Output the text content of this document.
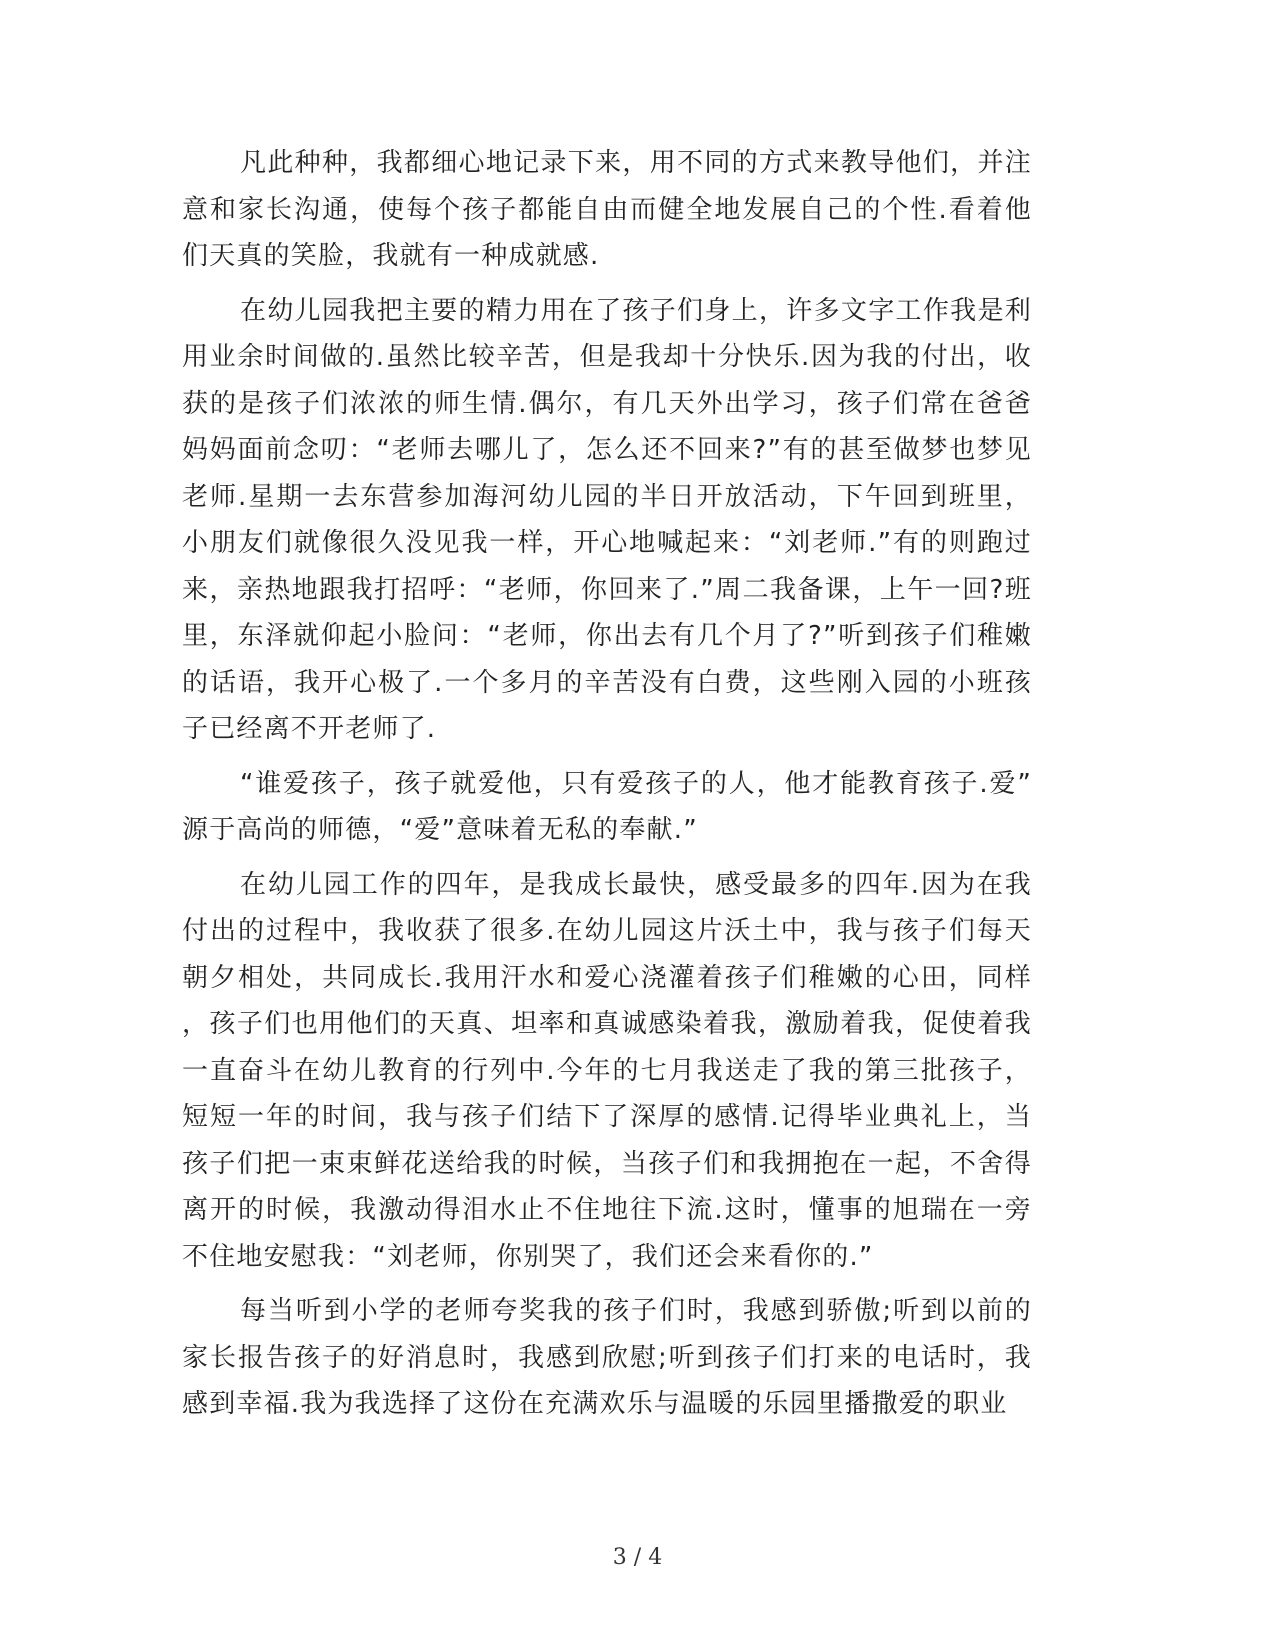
凡此种种，我都细心地记录下来，用不同的方式来教导他们，并注意和家长沟通，使每个孩子都能自由而健全地发展自己的个性.看着他们天真的笑脸，我就有一种成就感.

在幼儿园我把主要的精力用在了孩子们身上，许多文字工作我是利用业余时间做的.虽然比较辛苦，但是我却十分快乐.因为我的付出，收获的是孩子们浓浓的师生情.偶尔，有几天外出学习，孩子们常在爸爸妈妈面前念叨：“老师去哪儿了，怎么还不回来?”有的甚至做梦也梦见老师.星期一去东营参加海河幼儿园的半日开放活动，下午回到班里，小朋友们就像很久没见我一样，开心地喊起来：“刘老师.”有的则跑过来，亲热地跟我打招呼：“老师，你回来了.”周二我备课，上午一回?班里，东泽就仰起小脸问：“老师，你出去有几个月了?”听到孩子们稚嫩的话语，我开心极了.一个多月的辛苦没有白费，这些刚入园的小班孩子已经离不开老师了.

“谁爱孩子，孩子就爱他，只有爱孩子的人，他才能教育孩子.爱”源于高尚的师德，“爱”意味着无私的奉献.”

在幼儿园工作的四年，是我成长最快，感受最多的四年.因为在我付出的过程中，我收获了很多.在幼儿园这片沃土中，我与孩子们每天朝夕相处，共同成长.我用汗水和爱心浇灌着孩子们稚嫩的心田，同样，孩子们也用他们的天真、坦率和真诚感染着我，激励着我，促使着我一直奋斗在幼儿教育的行列中.今年的七月我送走了我的第三批孩子，短短一年的时间，我与孩子们结下了深厚的感情.记得毕业典礼上，当孩子们把一束束鲜花送给我的时候，当孩子们和我拥抱在一起，不舍得离开的时候，我激动得泪水止不住地往下流.这时，懂事的旭瑞在一旁不住地安慰我：“刘老师，你别哭了，我们还会来看你的.”

每当听到小学的老师夸奖我的孩子们时，我感到骄傲;听到以前的家长报告孩子的好消息时，我感到欣慰;听到孩子们打来的电话时，我感到幸福.我为我选择了这份在充满欢乐与温暖的乐园里播撒爱的职业

3 / 4
